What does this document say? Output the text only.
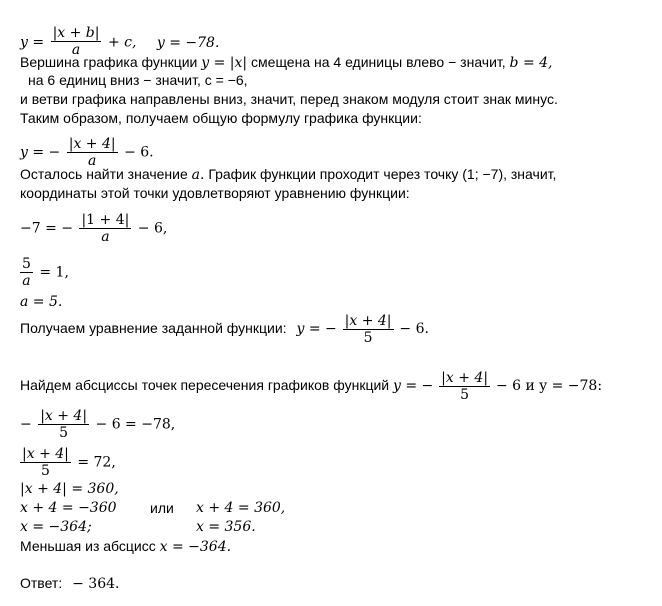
$y = \frac{|x + b|}{a} + c$, y = −78.
Вершина графика функции y = |x| смещена на 4 единицы влево − значит, b = 4,
на 6 единиц вниз − значит, c = −6,
и ветви графика направлены вниз, значит, перед знаком модуля стоит знак минус.
Таким образом, получаем общую формулу графика функции:
y = − $\frac{|x + 4|}{a} - 6$.
Осталось найти значение a. График функции проходит через точку (1; −7), значит,
координаты этой точки удовлетворяют уравнению функции:
−7 = − $\frac{|1 + 4|}{a} - 6$,
$\frac{5}{a} = 1$,
a = 5.
Получаем уравнение заданной функции: y = − $\frac{|x + 4|}{5} - 6$.
Найдем абсциссы точек пересечения графиков функций y = − $\frac{|x + 4|}{5} - 6$ и y = −78:
− $\frac{|x + 4|}{5} - 6 = -78$,
$\frac{|x + 4|}{5} = 72$,
|x + 4| = 360,
x + 4 = −360 или x + 4 = 360,
x = −364;	x = 356.
Меньшая из абсцисс x = −364.
Ответ: − 364.
